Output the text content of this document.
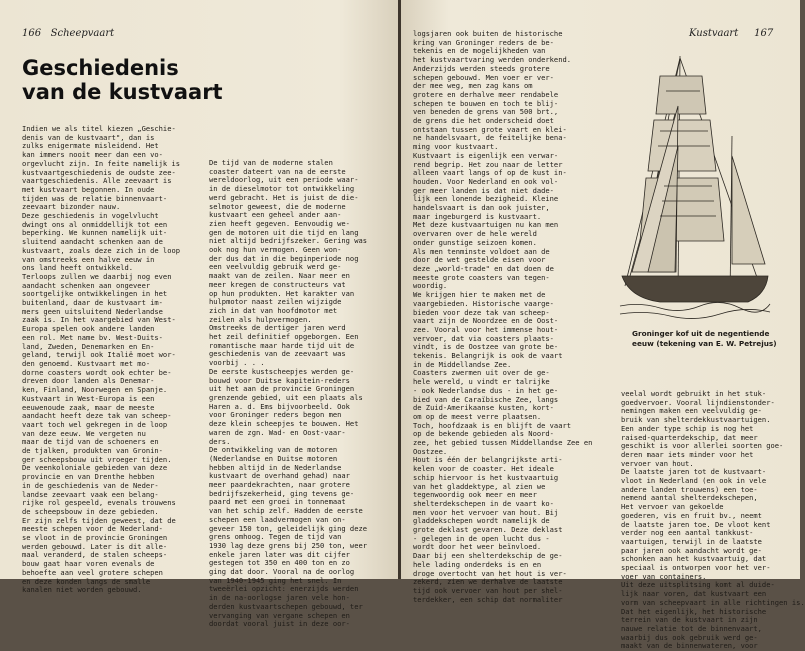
166 Scheepvaart
Geschiedenis
van de kustvaart
Indien we als titel kiezen „Geschie-
denis van de kustvaart", dan is
zulks enigermate misleidend. Het
kan immers nooit meer dan een vo-
orgevlucht zijn. In feite namelijk is
kustvaartgeschiedenis de oudste zee-
vaartgeschiedenis. Alle zeevaart is
met kustvaart begonnen. In oude
tijden was de relatie binnenvaart-
zeevaart bizonder nauw.
Deze geschiedenis in vogelvlucht
dwingt ons al onmiddellijk tot een
beperking. We kunnen namelijk uit-
sluitend aandacht schenken aan de
kustvaart, zoals deze zich in de loop
van omstreeks een halve eeuw in
ons land heeft ontwikkeld.
Terloops zullen we daarbij nog even
aandacht schenken aan ongeveer
soortgelijke ontwikkelingen in het
buitenland, daar de kustvaart im-
mers geen uitsluitend Nederlandse
zaak is. In het vaargebied van West-
Europa spelen ook andere landen
een rol. Met name bv. West-Duits-
land, Zweden, Denemarken en En-
geland, terwijl ook Italië moet wor-
den genoemd. Kustvaart met mo-
dorne coasters wordt ook echter be-
dreven door landen als Denemar-
ken, Finland, Noorwegen en Spanje.
Kustvaart in West-Europa is een
eeuwenoude zaak, maar de meeste
aandacht heeft deze tak van scheep-
vaart toch wel gekregen in de loop
van deze eeuw. We vergeten nu
maar de tijd van de schoeners en
de tjalken, produkten van Gronin-
ger scheepsbouw uit vroeger tijden.
De veenkoloniale gebieden van deze
provincie en van Drenthe hebben
in de geschiedenis van de Neder-
landse zeevaart vaak een belang-
rijke rol gespeeld, evenals trouwens
de scheepsbouw in deze gebieden.
Er zijn zelfs tijden geweest, dat de
meeste schepen voor de Nederland-
se vloot in de provincie Groningen
werden gebouwd. Later is dit alle-
maal veranderd, de stalen scheeps-
bouw gaat haar voren evenals de
behoefte aan veel grotere schepen
en deze konden langs de smalle
kanalen niet worden gebouwd.
De tijd van de moderne stalen
coaster dateert van na de eerste
wereldoorlog, uit een periode waar-
in de dieselmotor tot ontwikkeling
werd gebracht. Het is juist de die-
selmotor geweest, die de moderne
kustvaart een geheel ander aan-
zien heeft gegeven. Eenvoudig we-
gen de motoren uit die tijd en lang
niet altijd bedrijfszeker. Gering was
ook nog hun vermogen. Geen won-
der dus dat in die beginperiode nog
een veelvuldig gebruik werd ge-
maakt van de zeilen. Naar meer en
meer kregen de constructeurs vat
op hun produkten. Het karakter van
hulpmotor naast zeilen wijzigde
zich in dat van hoofdmotor met
zeilen als hulpvermogen.
Omstreeks de dertiger jaren werd
het zeil definitief opgeborgen. Een
romantische maar harde tijd uit de
geschiedenis van de zeevaart was
voorbij . . .
De eerste kustscheepjes werden ge-
bouwd voor Duitse kapitein-reders
uit het aan de provincie Groningen
grenzende gebied, uit een plaats als
Haren a. d. Ems bijvoorbeeld. Ook
voor Groninger reders begon men
deze klein scheepjes te bouwen. Het
waren de zgn. Wad- en Oost-vaar-
ders.
De ontwikkeling van de motoren
(Nederlandse en Duitse motoren
hebben altijd in de Nederlandse
kustvaart de overhand gehad) naar
meer paardekrachten, naar grotere
bedrijfszekerheid, ging tevens ge-
paard met een groei in tonnemaat
van het schip zelf. Hadden de eerste
schepen een laadvermogen van on-
geveer 150 ton, geleidelijk ging deze
grens omhoog. Tegen de tijd van
1930 lag deze grens bij 250 ton, weer
enkele jaren later was dit cijfer
gestegen tot 350 en 400 ton en zo
ging dat door. Vooral na de oorlog
van 1940-1945 ging het snel. In
tweeërlei opzicht: enerzijds werden
in de na-oorlogse jaren vele hon-
derden kustvaartschepen gebouwd, ter
vervanging van vergane schepen en
doordat vooral juist in deze oor-
Kustvaart 167
logsjaren ook buiten de historische
kring van Groninger reders de be-
tekenis en de mogelijkheden van
het kustvaartvaring werden onderkend.
Anderzijds werden steeds grotere
schepen gebouwd. Men voer er ver-
der mee weg, men zag kans om
grotere en derhalve meer rendabele
schepen te bouwen en toch te blij-
ven beneden de grens van 500 brt.,
de grens die het onderscheid doet
ontstaan tussen grote vaart en klei-
ne handelsvaart, de feitelijke bena-
ming voor kustvaart.
Kustvaart is eigenlijk een verwar-
rend begrip. Het zou naar de letter
alleen vaart langs of op de kust in-
houden. Voor Nederland en ook vol-
ger meer landen is dat niet dade-
lijk een lonende bezigheid. Kleine
handelsvaart is dan ook juister,
maar ingeburgerd is kustvaart.
Met deze kustvaartuigen nu kan men
overvaren over de hele wereld
onder gunstige seizoen komen.
Als men tenminste voldoet aan de
door de wet gestelde eisen voor
deze „world-trade" en dat doen de
meeste grote coasters van tegen-
woordig.
We krijgen hier te maken met de
vaargebieden. Historische vaarge-
bieden voor deze tak van scheep-
vaart zijn de Noordzee en de Oost-
zee. Vooral voor het immense hout-
vervoer, dat via coasters plaats-
vindt, is de Oostzee van grote be-
tekenis. Belangrijk is ook de vaart
in de Middellandse Zee.
Coasters zwermen uit over de ge-
hele wereld, u vindt er talrijke
- ook Nederlandse dus - in het ge-
bied van de Caraïbische Zee, langs
de Zuid-Amerikaanse kusten, kort-
om op de meest verre plaatsen.
Toch, hoofdzaak is en blijft de vaart
op de bekende gebieden als Noord-
zee, het gebied tussen Middellandse Zee en
Oostzee.
Hout is één der belangrijkste arti-
kelen voor de coaster. Het ideale
schip hiervoor is het kustvaartuig
van het gladdektype, al zien we
tegenwoordig ook meer en meer
shelterdekschepen in de vaart ko-
men voor het vervoer van hout. Bij
gladdekschepen wordt namelijk de
grote deklast gevaren. Deze deklast
- gelegen in de open lucht dus -
wordt door het weer beïnvloed.
Daar bij een shelterdekschip de ge-
hele lading onderdeks is en en
droge overtocht van het hout is ver-
zekerd, zien we derhalve de laatste
tijd ook vervoer van hout per shel-
terdekker, een schip dat normaliter
veelal wordt gebruikt in het stuk-
goedvervoer. Vooral lijndienstonder-
nemingen maken een veelvuldig ge-
bruik van shelterdekkustvaartuigen.
Een ander type schip is nog het
raised-quarterdekschip, dat meer
geschikt is voor allerlei soorten goe-
deren maar iets minder voor het
vervoer van hout.
De laatste jaren tot de kustvaart-
vloot in Nederland (en ook in vele
andere landen trouwens) een toe-
nemend aantal shelterdekschepen,
Het vervoer van gekoelde
goederen, vis en fruit bv., neemt
de laatste jaren toe. De vloot kent
verder nog een aantal tankkust-
vaartuigen, terwijl in de laatste
paar jaren ook aandacht wordt ge-
schonken aan het kustvaartuig, dat
speciaal is ontworpen voor het ver-
voer van containers.
Uit deze uitsplitsing komt al duide-
lijk naar voren, dat kustvaart een
vorm van scheepvaart in alle richtingen is.
Dat het eigenlijk, het historische
terrein van de kustvaart in zijn
nauwe relatie tot de binnenvaart,
waarbij dus ook gebruik werd ge-
maakt van de binnenwateren, voor
Groninger kof uit de negentiende
eeuw (tekening van E. W. Petrejus)
